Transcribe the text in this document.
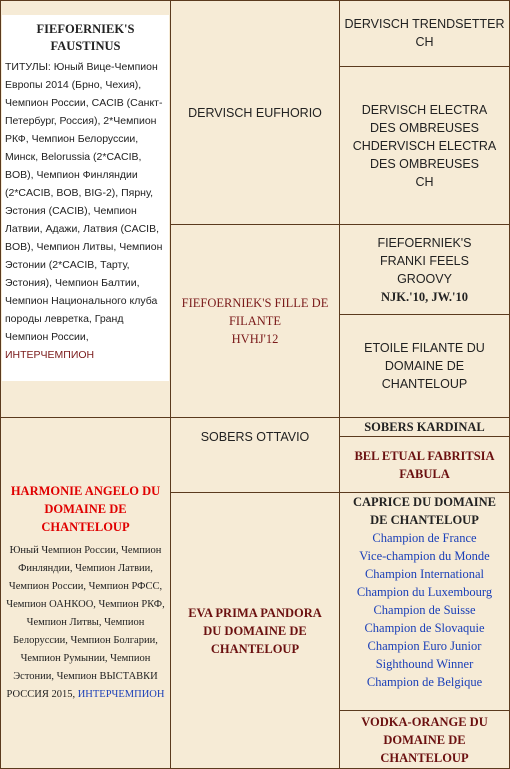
FIEFOERNIEK'S FAUSTINUS
ТИТУЛЫ: Юный Вице-Чемпион Европы 2014 (Брно, Чехия), Чемпион России, CACIB (Санкт-Петербург, Россия), 2*Чемпион РКФ, Чемпион Белоруссии, Минск, Belorussia (2*CACIB, BOB), Чемпион Финляндии (2*CACIB, BOB, BIG-2), Пярну, Эстония (CACIB), Чемпион Латвии, Адажи, Латвия (CACIB, BOB), Чемпион Литвы, Чемпион Эстонии (2*CACIB, Тарту, Эстония), Чемпион Балтии, Чемпион Национального клуба породы левретка, Гранд Чемпион России, ИНТЕРЧЕМПИОН
DERVISCH EUFHORIO
FIEFOERNIEK'S FILLE DE FILANTE
HVHJ'12
DERVISCH TRENDSETTER
CH
DERVISCH ELECTRA DES OMBREUSES
CHDERVISCH ELECTRA DES OMBREUSES
CH
FIEFOERNIEK'S FRANKI FEELS GROOVY
NJK.'10, JW.'10
ETOILE FILANTE DU DOMAINE DE CHANTELOUP
HARMONIE ANGELO DU DOMAINE DE CHANTELOUP
Юный Чемпион России, Чемпион Финляндии, Чемпион Латвии, Чемпион России, Чемпион РФСС, Чемпион ОАНКОО, Чемпион РКФ, Чемпион Литвы, Чемпион Белоруссии, Чемпион Болгарии, Чемпион Румынии, Чемпион Эстонии, Чемпион ВЫСТАВКИ РОССИЯ 2015, ИНТЕРЧЕМПИОН
SOBERS OTTAVIO
EVA PRIMA PANDORA DU DOMAINE DE CHANTELOUP
SOBERS KARDINAL
BEL ETUAL FABRITSIA FABULA
CAPRICE DU DOMAINE DE CHANTELOUP
Champion de France
Vice-champion du Monde
Champion International
Champion du Luxembourg
Champion de Suisse
Champion de Slovaquie
Champion Euro Junior
Sighthound Winner
Champion de Belgique
VODKA-ORANGE DU DOMAINE DE CHANTELOUP
